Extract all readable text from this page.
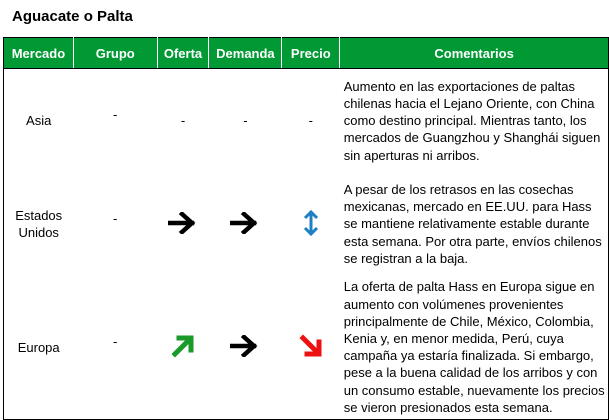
Aguacate o Palta
Mercado	Grupo	Oferta	Demanda	Precio	Comentarios
Asia	-	-	-	-	Aumento en las exportaciones de paltas chilenas hacia el Lejano Oriente, con China como destino principal. Mientras tanto, los mercados de Guangzhou y Shanghái siguen sin aperturas ni arribos.
Estados Unidos	-				A pesar de los retrasos en las cosechas mexicanas, mercado en EE.UU. para Hass se mantiene relativamente estable durante esta semana. Por otra parte, envíos chilenos se registran a la baja.
Europa	-				La oferta de palta Hass en Europa sigue en aumento con volúmenes provenientes principalmente de Chile, México, Colombia, Kenia y, en menor medida, Perú, cuya campaña ya estaría finalizada. Si embargo, pese a la buena calidad de los arribos y con un consumo estable, nuevamente los precios se vieron presionados esta semana.
